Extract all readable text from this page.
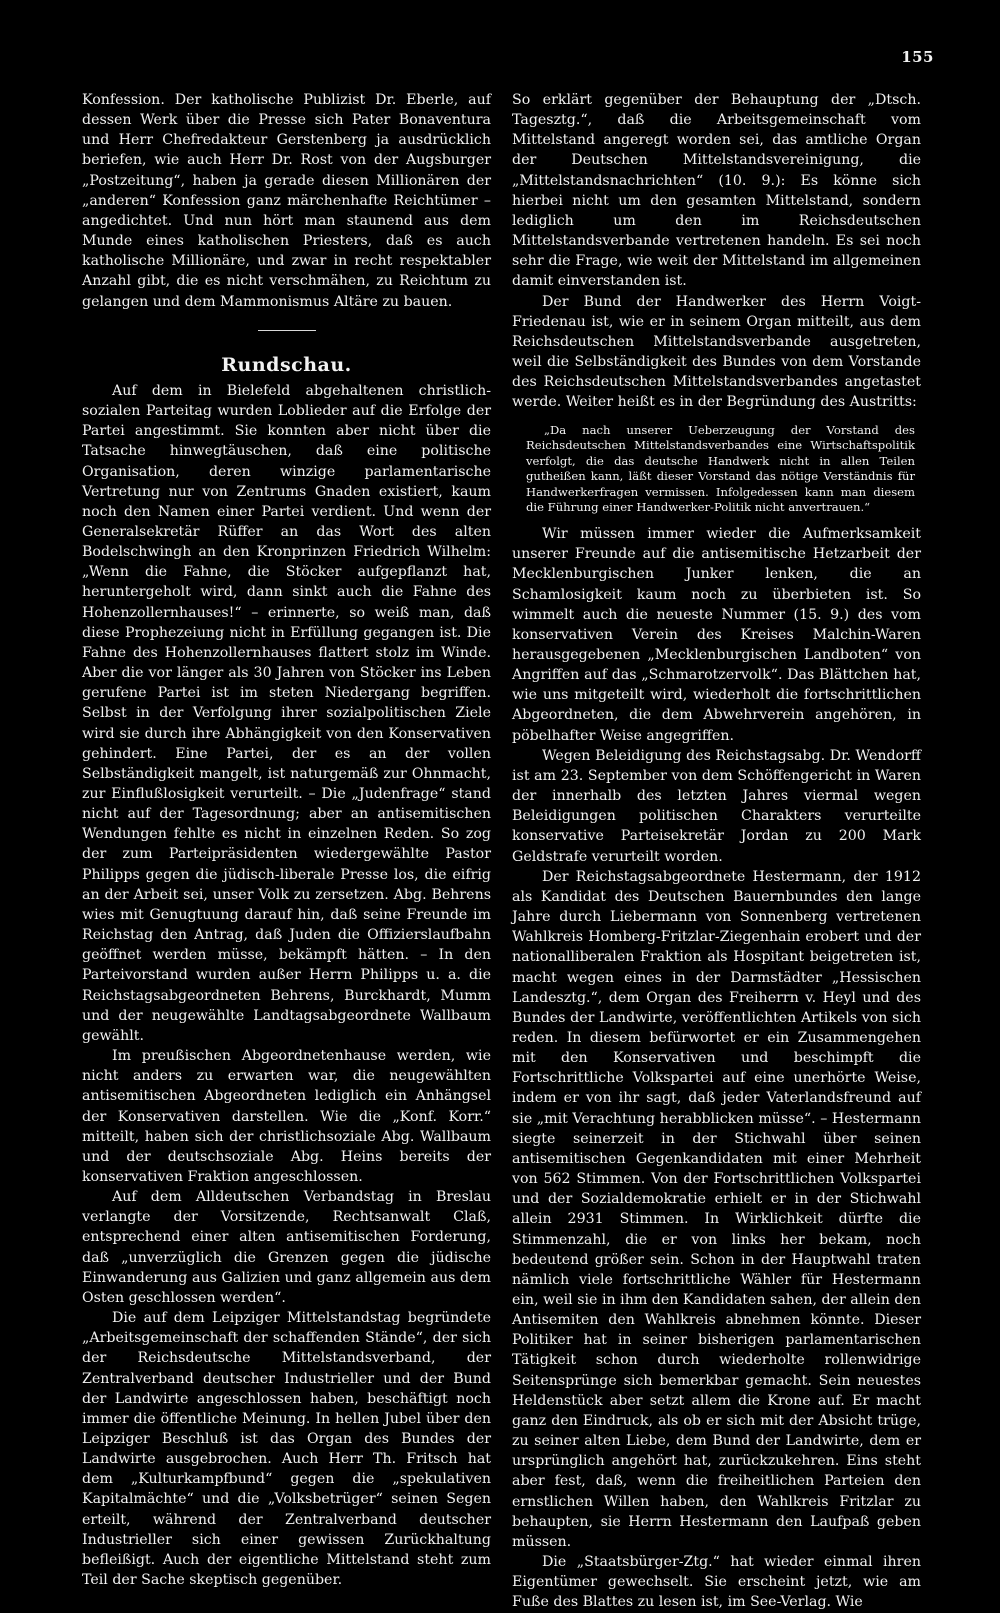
155

Konfession. Der katholische Publizist Dr. Eberle, auf dessen Werk über die Presse sich Pater Bonaventura und Herr Chefredakteur Gerstenberg ja ausdrücklich beriefen, wie auch Herr Dr. Rost von der Augsburger „Postzeitung“, haben ja gerade diesen Millionären der „anderen“ Konfession ganz märchenhafte Reichtümer – angedichtet. Und nun hört man staunend aus dem Munde eines katholischen Priesters, daß es auch katholische Millionäre, und zwar in recht respektabler Anzahl gibt, die es nicht verschmähen, zu Reichtum zu gelangen und dem Mammonismus Altäre zu bauen.

Rundschau.

Auf dem in Bielefeld abgehaltenen christlich-sozialen Parteitag wurden Loblieder auf die Erfolge der Partei angestimmt. Sie konnten aber nicht über die Tatsache hinwegtäuschen, daß eine politische Organisation, deren winzige parlamentarische Vertretung nur von Zentrums Gnaden existiert, kaum noch den Namen einer Partei verdient. Und wenn der Generalsekretär Rüffer an das Wort des alten Bodelschwingh an den Kronprinzen Friedrich Wilhelm: „Wenn die Fahne, die Stöcker aufgepflanzt hat, heruntergeholt wird, dann sinkt auch die Fahne des Hohenzollernhauses!“ – erinnerte, so weiß man, daß diese Prophezeiung nicht in Erfüllung gegangen ist. Die Fahne des Hohenzollernhauses flattert stolz im Winde. Aber die vor länger als 30 Jahren von Stöcker ins Leben gerufene Partei ist im steten Niedergang begriffen. Selbst in der Verfolgung ihrer sozialpolitischen Ziele wird sie durch ihre Abhängigkeit von den Konservativen gehindert. Eine Partei, der es an der vollen Selbständigkeit mangelt, ist naturgemäß zur Ohnmacht, zur Einflußlosigkeit verurteilt. – Die „Judenfrage“ stand nicht auf der Tagesordnung; aber an antisemitischen Wendungen fehlte es nicht in einzelnen Reden. So zog der zum Parteipräsidenten wiedergewählte Pastor Philipps gegen die jüdisch-liberale Presse los, die eifrig an der Arbeit sei, unser Volk zu zersetzen. Abg. Behrens wies mit Genugtuung darauf hin, daß seine Freunde im Reichstag den Antrag, daß Juden die Offizierslaufbahn geöffnet werden müsse, bekämpft hätten. – In den Parteivorstand wurden außer Herrn Philipps u. a. die Reichstagsabgeordneten Behrens, Burckhardt, Mumm und der neugewählte Landtagsabgeordnete Wallbaum gewählt.

Im preußischen Abgeordnetenhause werden, wie nicht anders zu erwarten war, die neugewählten antisemitischen Abgeordneten lediglich ein Anhängsel der Konservativen darstellen. Wie die „Konf. Korr.“ mitteilt, haben sich der christlichsoziale Abg. Wallbaum und der deutschsoziale Abg. Heins bereits der konservativen Fraktion angeschlossen.

Auf dem Alldeutschen Verbandstag in Breslau verlangte der Vorsitzende, Rechtsanwalt Claß, entsprechend einer alten antisemitischen Forderung, daß „unverzüglich die Grenzen gegen die jüdische Einwanderung aus Galizien und ganz allgemein aus dem Osten geschlossen werden“.

Die auf dem Leipziger Mittelstandstag begründete „Arbeitsgemeinschaft der schaffenden Stände“, der sich der Reichsdeutsche Mittelstandsverband, der Zentralverband deutscher Industrieller und der Bund der Landwirte angeschlossen haben, beschäftigt noch immer die öffentliche Meinung. In hellen Jubel über den Leipziger Beschluß ist das Organ des Bundes der Landwirte ausgebrochen. Auch Herr Th. Fritsch hat dem „Kulturkampfbund“ gegen die „spekulativen Kapitalmächte“ und die „Volksbetrüger“ seinen Segen erteilt, während der Zentralverband deutscher Industrieller sich einer gewissen Zurückhaltung befleißigt. Auch der eigentliche Mittelstand steht zum Teil der Sache skeptisch gegenüber.

So erklärt gegenüber der Behauptung der „Dtsch. Tagesztg.“, daß die Arbeitsgemeinschaft vom Mittelstand angeregt worden sei, das amtliche Organ der Deutschen Mittelstandsvereinigung, die „Mittelstandsnachrichten“ (10. 9.): Es könne sich hierbei nicht um den gesamten Mittelstand, sondern lediglich um den im Reichsdeutschen Mittelstandsverbande vertretenen handeln. Es sei noch sehr die Frage, wie weit der Mittelstand im allgemeinen damit einverstanden ist.

Der Bund der Handwerker des Herrn Voigt-Friedenau ist, wie er in seinem Organ mitteilt, aus dem Reichsdeutschen Mittelstandsverbande ausgetreten, weil die Selbständigkeit des Bundes von dem Vorstande des Reichsdeutschen Mittelstandsverbandes angetastet werde. Weiter heißt es in der Begründung des Austritts:

„Da nach unserer Ueberzeugung der Vorstand des Reichsdeutschen Mittelstandsverbandes eine Wirtschaftspolitik verfolgt, die das deutsche Handwerk nicht in allen Teilen gutheißen kann, läßt dieser Vorstand das nötige Verständnis für Handwerkerfragen vermissen. Infolgedessen kann man diesem die Führung einer Handwerker-Politik nicht anvertrauen.“

Wir müssen immer wieder die Aufmerksamkeit unserer Freunde auf die antisemitische Hetzarbeit der Mecklenburgischen Junker lenken, die an Schamlosigkeit kaum noch zu überbieten ist. So wimmelt auch die neueste Nummer (15. 9.) des vom konservativen Verein des Kreises Malchin-Waren herausgegebenen „Mecklenburgischen Landboten“ von Angriffen auf das „Schmarotzervolk“. Das Blättchen hat, wie uns mitgeteilt wird, wiederholt die fortschrittlichen Abgeordneten, die dem Abwehrverein angehören, in pöbelhafter Weise angegriffen.

Wegen Beleidigung des Reichstagsabg. Dr. Wendorff ist am 23. September von dem Schöffengericht in Waren der innerhalb des letzten Jahres viermal wegen Beleidigungen politischen Charakters verurteilte konservative Parteisekretär Jordan zu 200 Mark Geldstrafe verurteilt worden.

Der Reichstagsabgeordnete Hestermann, der 1912 als Kandidat des Deutschen Bauernbundes den lange Jahre durch Liebermann von Sonnenberg vertretenen Wahlkreis Homberg-Fritzlar-Ziegenhain erobert und der nationalliberalen Fraktion als Hospitant beigetreten ist, macht wegen eines in der Darmstädter „Hessischen Landesztg.“, dem Organ des Freiherrn v. Heyl und des Bundes der Landwirte, veröffentlichten Artikels von sich reden. In diesem befürwortet er ein Zusammengehen mit den Konservativen und beschimpft die Fortschrittliche Volkspartei auf eine unerhörte Weise, indem er von ihr sagt, daß jeder Vaterlandsfreund auf sie „mit Verachtung herabblicken müsse“. – Hestermann siegte seinerzeit in der Stichwahl über seinen antisemitischen Gegenkandidaten mit einer Mehrheit von 562 Stimmen. Von der Fortschrittlichen Volkspartei und der Sozialdemokratie erhielt er in der Stichwahl allein 2931 Stimmen. In Wirklichkeit dürfte die Stimmenzahl, die er von links her bekam, noch bedeutend größer sein. Schon in der Hauptwahl traten nämlich viele fortschrittliche Wähler für Hestermann ein, weil sie in ihm den Kandidaten sahen, der allein den Antisemiten den Wahlkreis abnehmen könnte. Dieser Politiker hat in seiner bisherigen parlamentarischen Tätigkeit schon durch wiederholte rollenwidrige Seitensprünge sich bemerkbar gemacht. Sein neuestes Heldenstück aber setzt allem die Krone auf. Er macht ganz den Eindruck, als ob er sich mit der Absicht trüge, zu seiner alten Liebe, dem Bund der Landwirte, dem er ursprünglich angehört hat, zurückzukehren. Eins steht aber fest, daß, wenn die freiheitlichen Parteien den ernstlichen Willen haben, den Wahlkreis Fritzlar zu behaupten, sie Herrn Hestermann den Laufpaß geben müssen.

Die „Staatsbürger-Ztg.“ hat wieder einmal ihren Eigentümer gewechselt. Sie erscheint jetzt, wie am Fuße des Blattes zu lesen ist, im See-Verlag. Wie
